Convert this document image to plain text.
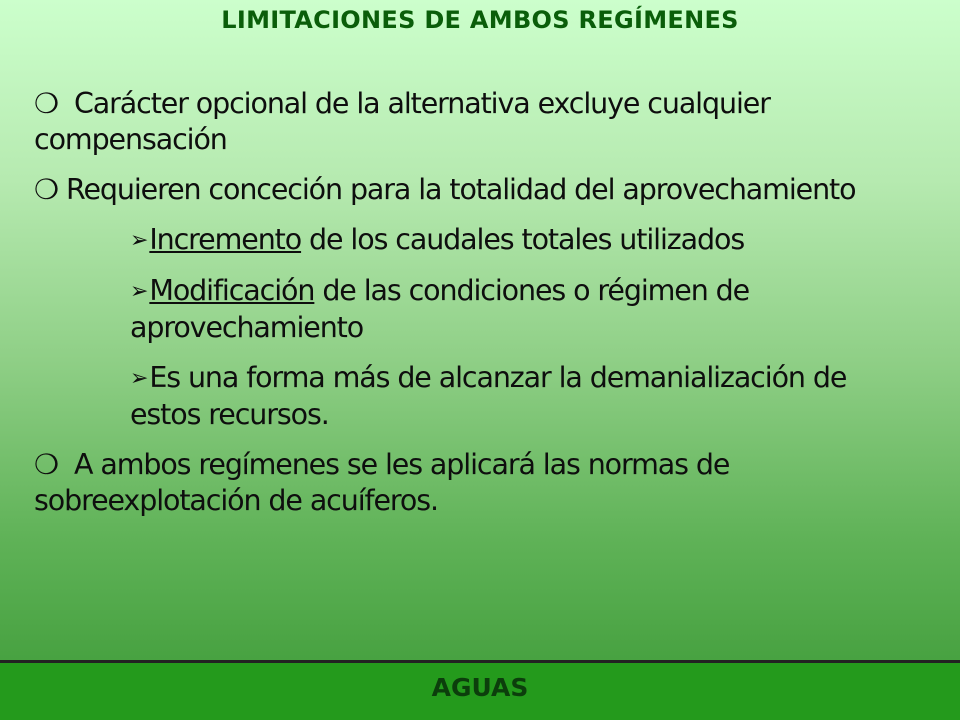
LIMITACIONES DE AMBOS REGÍMENES
❍ Carácter opcional de la alternativa excluye cualquier compensación
❍ Requieren conceción para la totalidad del aprovechamiento
➢Incremento de los caudales totales utilizados
➢Modificación de las condiciones o régimen de aprovechamiento
➢Es una forma más de alcanzar la demanialización de estos recursos.
❍ A ambos regímenes se les aplicará las normas de sobreexplotación de acuíferos.
AGUAS
